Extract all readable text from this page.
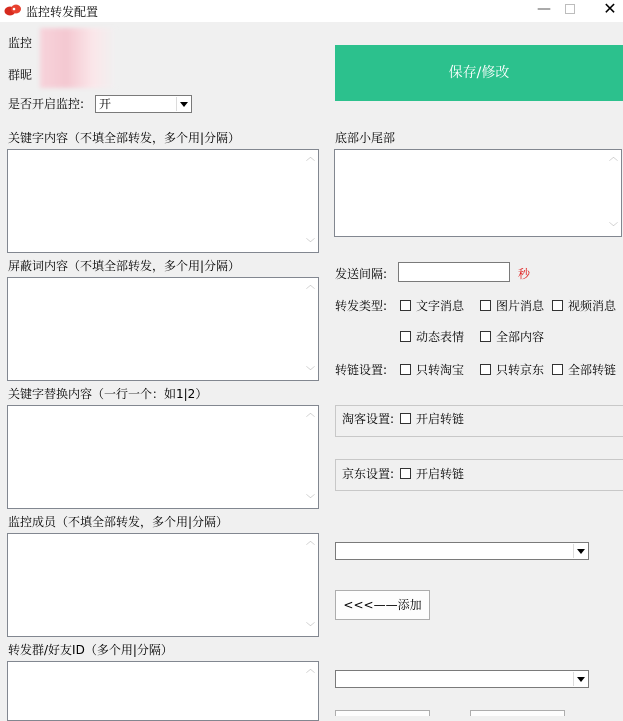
监控转发配置	—	✕
监控
群昵
是否开启监控: 开
关键字内容（不填全部转发，多个用|分隔）
︿
﹀
屏蔽词内容（不填全部转发，多个用|分隔）
︿
﹀
关键字替换内容（一行一个：如1|2）
︿
﹀
监控成员（不填全部转发，多个用|分隔）
︿
﹀
转发群/好友ID（多个用|分隔）
︿
保存/修改
底部小尾部
︿
﹀
发送间隔:	秒
转发类型: 文字消息	图片消息 视频消息
动态表情	全部内容
转链设置: 只转淘宝	只转京东 全部转链
淘客设置: 开启转链
京东设置: 开启转链
<<<——添加
